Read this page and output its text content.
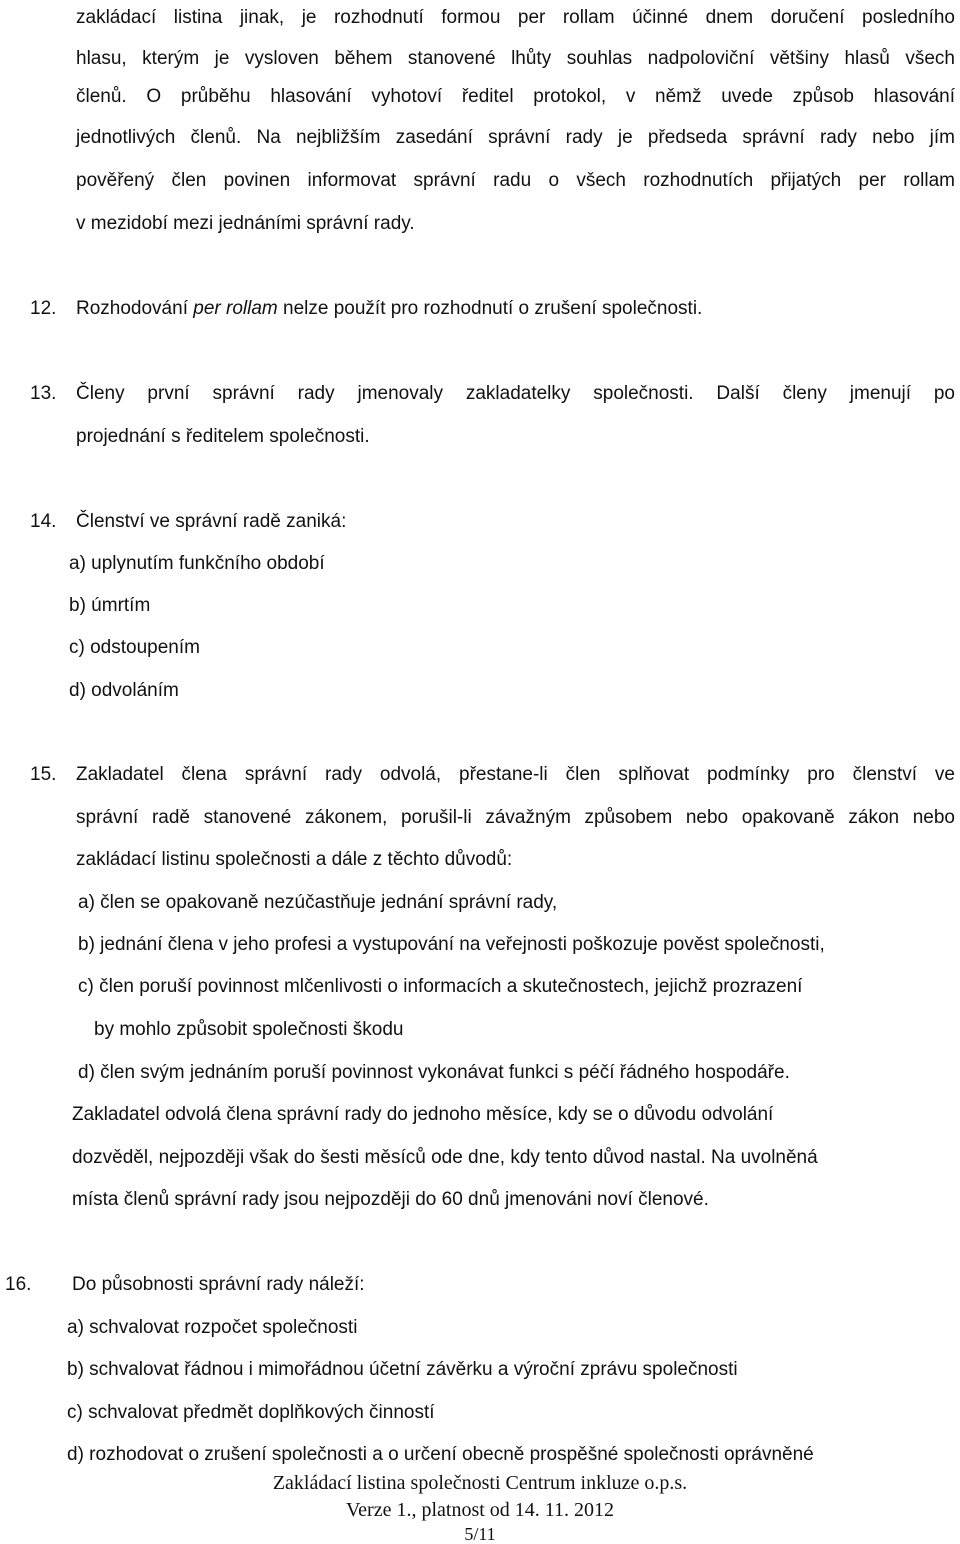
zakládací listina jinak, je rozhodnutí formou per rollam účinné dnem doručení posledního
hlasu, kterým je vysloven během stanovené lhůty souhlas nadpoloviční většiny hlasů všech
členů. O průběhu hlasování vyhotoví ředitel protokol, v němž uvede způsob hlasování
jednotlivých členů. Na nejbližším zasedání správní rady je předseda správní rady nebo jím
pověřený člen povinen informovat správní radu o všech rozhodnutích přijatých per rollam
v mezidobí mezi jednáními správní rady.
12. Rozhodování per rollam nelze použít pro rozhodnutí o zrušení společnosti.
13. Členy první správní rady jmenovaly zakladatelky společnosti. Další členy jmenují po
projednání s ředitelem společnosti.
14. Členství ve správní radě zaniká:
a) uplynutím funkčního období
b) úmrtím
c) odstoupením
d) odvoláním
15. Zakladatel člena správní rady odvolá, přestane-li člen splňovat podmínky pro členství ve
správní radě stanovené zákonem, porušil-li závažným způsobem nebo opakovaně zákon nebo
zakládací listinu společnosti a dále z těchto důvodů:
a) člen se opakovaně nezúčastňuje jednání správní rady,
b) jednání člena v jeho profesi a vystupování na veřejnosti poškozuje pověst společnosti,
c) člen poruší povinnost mlčenlivosti o informacích a skutečnostech, jejichž prozrazení
by mohlo způsobit společnosti škodu
d) člen svým jednáním poruší povinnost vykonávat funkci s péčí řádného hospodáře.
Zakladatel odvolá člena správní rady do jednoho měsíce, kdy se o důvodu odvolání
dozvěděl, nejpozději však do šesti měsíců ode dne, kdy tento důvod nastal. Na uvolněná
místa členů správní rady jsou nejpozději do 60 dnů jmenováni noví členové.
16. Do působnosti správní rady náleží:
a) schvalovat rozpočet společnosti
b) schvalovat řádnou i mimořádnou účetní závěrku a výroční zprávu společnosti
c) schvalovat předmět doplňkových činností
d) rozhodovat o zrušení společnosti a o určení obecně prospěšné společnosti oprávněné
Zakládací listina společnosti Centrum inkluze o.p.s.
Verze 1., platnost od 14. 11. 2012
5/11
